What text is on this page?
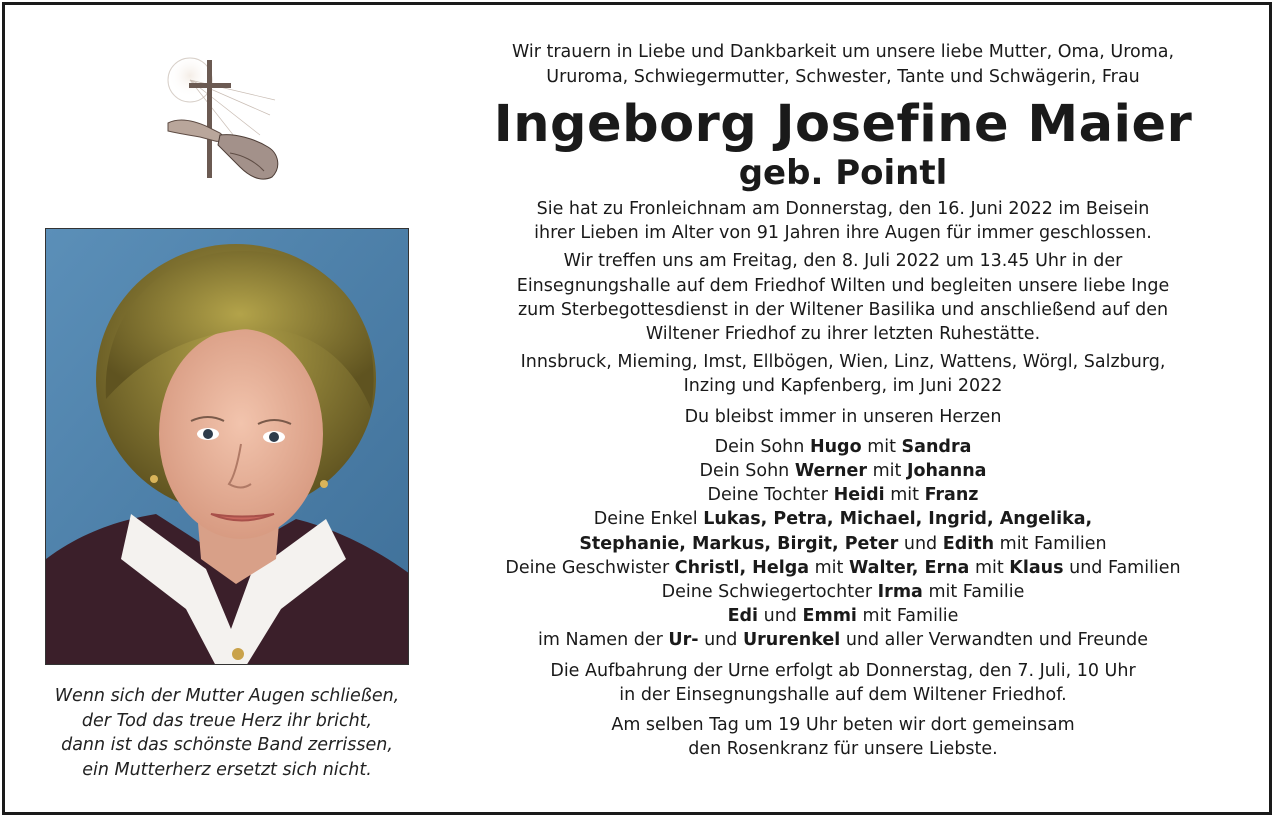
Wenn sich der Mutter Augen schließen,
der Tod das treue Herz ihr bricht,
dann ist das schönste Band zerrissen,
ein Mutterherz ersetzt sich nicht.
Wir trauern in Liebe und Dankbarkeit um unsere liebe Mutter, Oma, Uroma,
Ururoma, Schwiegermutter, Schwester, Tante und Schwägerin, Frau
Ingeborg Josefine Maier
geb. Pointl
Sie hat zu Fronleichnam am Donnerstag, den 16. Juni 2022 im Beisein
ihrer Lieben im Alter von 91 Jahren ihre Augen für immer geschlossen.
Wir treffen uns am Freitag, den 8. Juli 2022 um 13.45 Uhr in der
Einsegnungshalle auf dem Friedhof Wilten und begleiten unsere liebe Inge
zum Sterbegottesdienst in der Wiltener Basilika und anschließend auf den
Wiltener Friedhof zu ihrer letzten Ruhestätte.
Innsbruck, Mieming, Imst, Ellbögen, Wien, Linz, Wattens, Wörgl, Salzburg,
Inzing und Kapfenberg, im Juni 2022
Du bleibst immer in unseren Herzen
Dein Sohn Hugo mit Sandra
Dein Sohn Werner mit Johanna
Deine Tochter Heidi mit Franz
Deine Enkel Lukas, Petra, Michael, Ingrid, Angelika,
Stephanie, Markus, Birgit, Peter und Edith mit Familien
Deine Geschwister Christl, Helga mit Walter, Erna mit Klaus und Familien
Deine Schwiegertochter Irma mit Familie
Edi und Emmi mit Familie
im Namen der Ur- und Ururenkel und aller Verwandten und Freunde
Die Aufbahrung der Urne erfolgt ab Donnerstag, den 7. Juli, 10 Uhr
in der Einsegnungshalle auf dem Wiltener Friedhof.
Am selben Tag um 19 Uhr beten wir dort gemeinsam
den Rosenkranz für unsere Liebste.
